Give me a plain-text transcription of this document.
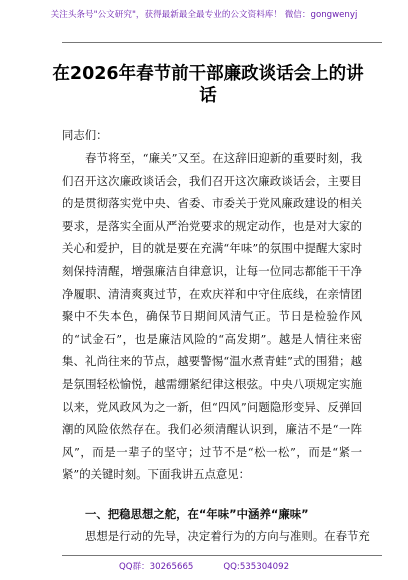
关注头条号"公文研究"，获得最新最全最专业的公文资料库！ 微信：gongwenyj
在2026年春节前干部廉政谈话会上的讲话
同志们：
春节将至，“廉关”又至。在这辞旧迎新的重要时刻，我们召开这次廉政谈话会，我们召开这次廉政谈话会，主要目的是贯彻落实党中央、省委、市委关于党风廉政建设的相关要求，是落实全面从严治党要求的规定动作，也是对大家的关心和爱护，目的就是要在充满“年味”的氛围中提醒大家时刻保持清醒，增强廉洁自律意识，让每一位同志都能干干净净履职、清清爽爽过节，在欢庆祥和中守住底线，在亲情团聚中不失本色，确保节日期间风清气正。节日是检验作风的“试金石”，也是廉洁风险的“高发期”。越是人情往来密集、礼尚往来的节点，越要警惕“温水煮青蛙”式的围猎；越是氛围轻松愉悦，越需绷紧纪律这根弦。中央八项规定实施以来，党风政风为之一新，但“四风”问题隐形变异、反弹回潮的风险依然存在。我们必须清醒认识到，廉洁不是“一阵风”，而是一辈子的坚守；过节不是“松一松”，而是“紧一紧”的关键时刻。下面我讲五点意见：
一、把稳思想之舵，在“年味”中涵养“廉味”
思想是行动的先导，决定着行为的方向与准则。在春节充
QQ群：30265665	QQ:535304092
